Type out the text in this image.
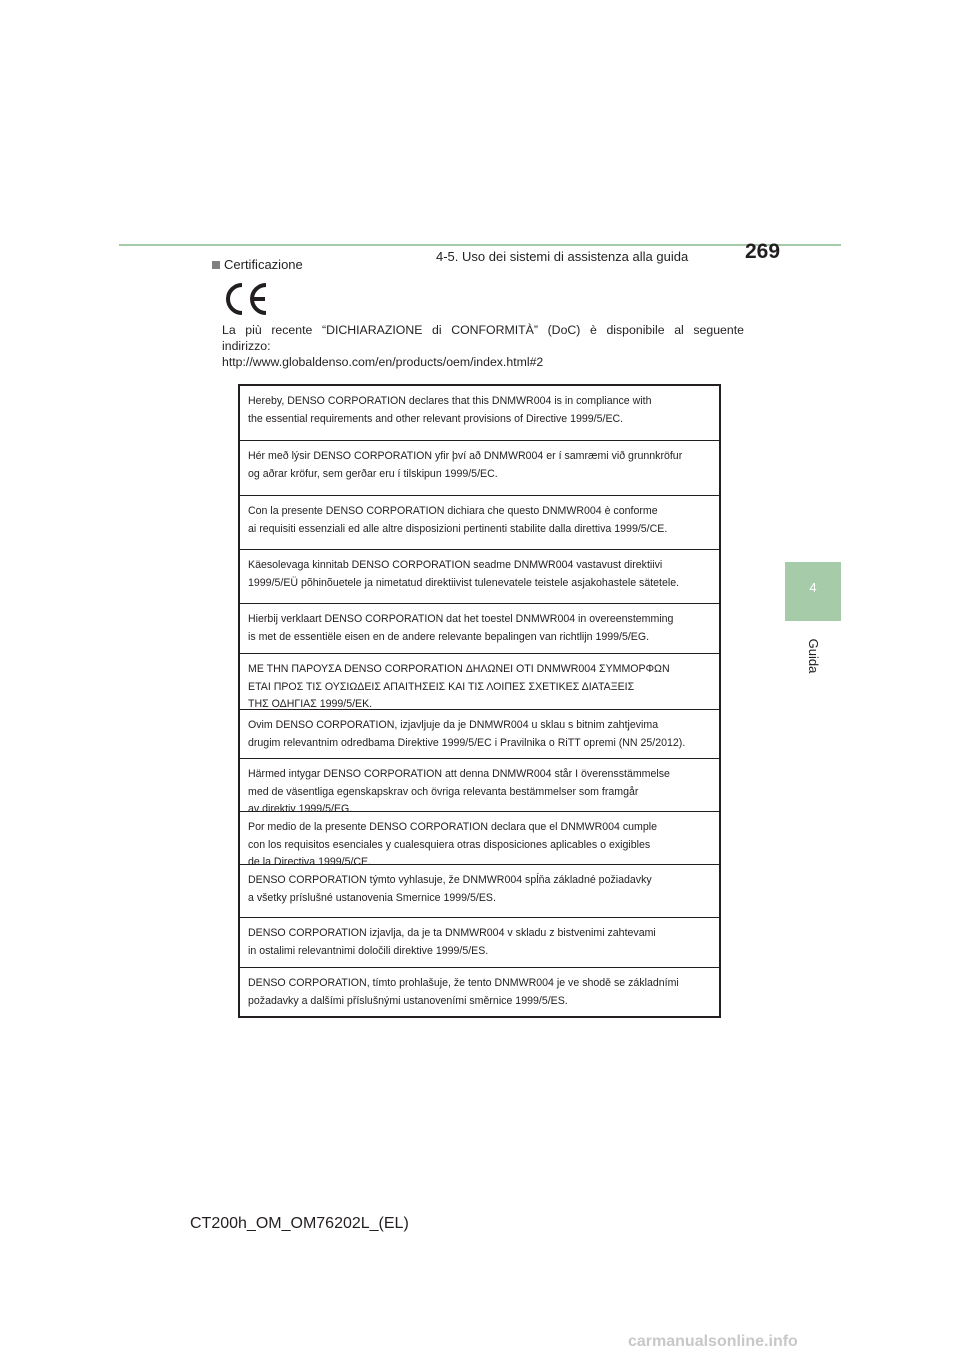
4-5. Uso dei sistemi di assistenza alla guida	269
4
Guida
Certificazione

La più recente “DICHIARAZIONE di CONFORMITÀ” (DoC) è disponibile al seguente

indirizzo:

http://www.globaldenso.com/en/products/oem/index.html#2

Hereby, DENSO CORPORATION declares that this DNMWR004 is in compliance with
the essential requirements and other relevant provisions of Directive 1999/5/EC.
Hér með lýsir DENSO CORPORATION yfir því að DNMWR004 er í samræmi við grunnkröfur
og aðrar kröfur, sem gerðar eru í tilskipun 1999/5/EC.
Con la presente DENSO CORPORATION dichiara che questo DNMWR004 è conforme
ai requisiti essenziali ed alle altre disposizioni pertinenti stabilite dalla direttiva 1999/5/CE.
Käesolevaga kinnitab DENSO CORPORATION seadme DNMWR004 vastavust direktiivi
1999/5/EÜ põhinõuetele ja nimetatud direktiivist tulenevatele teistele asjakohastele sätetele.
Hierbij verklaart DENSO CORPORATION dat het toestel DNMWR004 in overeenstemming
is met de essentiële eisen en de andere relevante bepalingen van richtlijn 1999/5/EG.
ΜΕ ΤΗΝ ΠΑΡΟΥΣΑ DENSO CORPORATION ΔΗΛΩΝΕΙ ΟΤΙ DNMWR004 ΣΥΜΜΟΡΦΩΝ
ΕΤΑΙ ΠΡΟΣ ΤΙΣ ΟΥΣΙΩΔΕΙΣ ΑΠΑΙΤΗΣΕΙΣ ΚΑΙ ΤΙΣ ΛΟΙΠΕΣ ΣΧΕΤΙΚΕΣ ΔΙΑΤΑΞΕΙΣ
ΤΗΣ ΟΔΗΓΙΑΣ 1999/5/ΕΚ.
Ovim DENSO CORPORATION, izjavljuje da je DNMWR004 u sklau s bitnim zahtjevima
drugim relevantnim odredbama Direktive 1999/5/EC i Pravilnika o RiTT opremi (NN 25/2012).
Härmed intygar DENSO CORPORATION att denna DNMWR004 står I överensstämmelse
med de väsentliga egenskapskrav och övriga relevanta bestämmelser som framgår
av direktiv 1999/5/EG.
Por medio de la presente DENSO CORPORATION declara que el DNMWR004 cumple
con los requisitos esenciales y cualesquiera otras disposiciones aplicables o exigibles
de la Directiva 1999/5/CE.
DENSO CORPORATION týmto vyhlasuje, že DNMWR004 spĺňa základné požiadavky
a všetky príslušné ustanovenia Smernice 1999/5/ES.
DENSO CORPORATION izjavlja, da je ta DNMWR004 v skladu z bistvenimi zahtevami
in ostalimi relevantnimi določili direktive 1999/5/ES.
DENSO CORPORATION, tímto prohlašuje, že tento DNMWR004 je ve shodě se základními
požadavky a dalšími příslušnými ustanoveními směrnice 1999/5/ES.
CT200h_OM_OM76202L_(EL)
carmanualsonline.info
